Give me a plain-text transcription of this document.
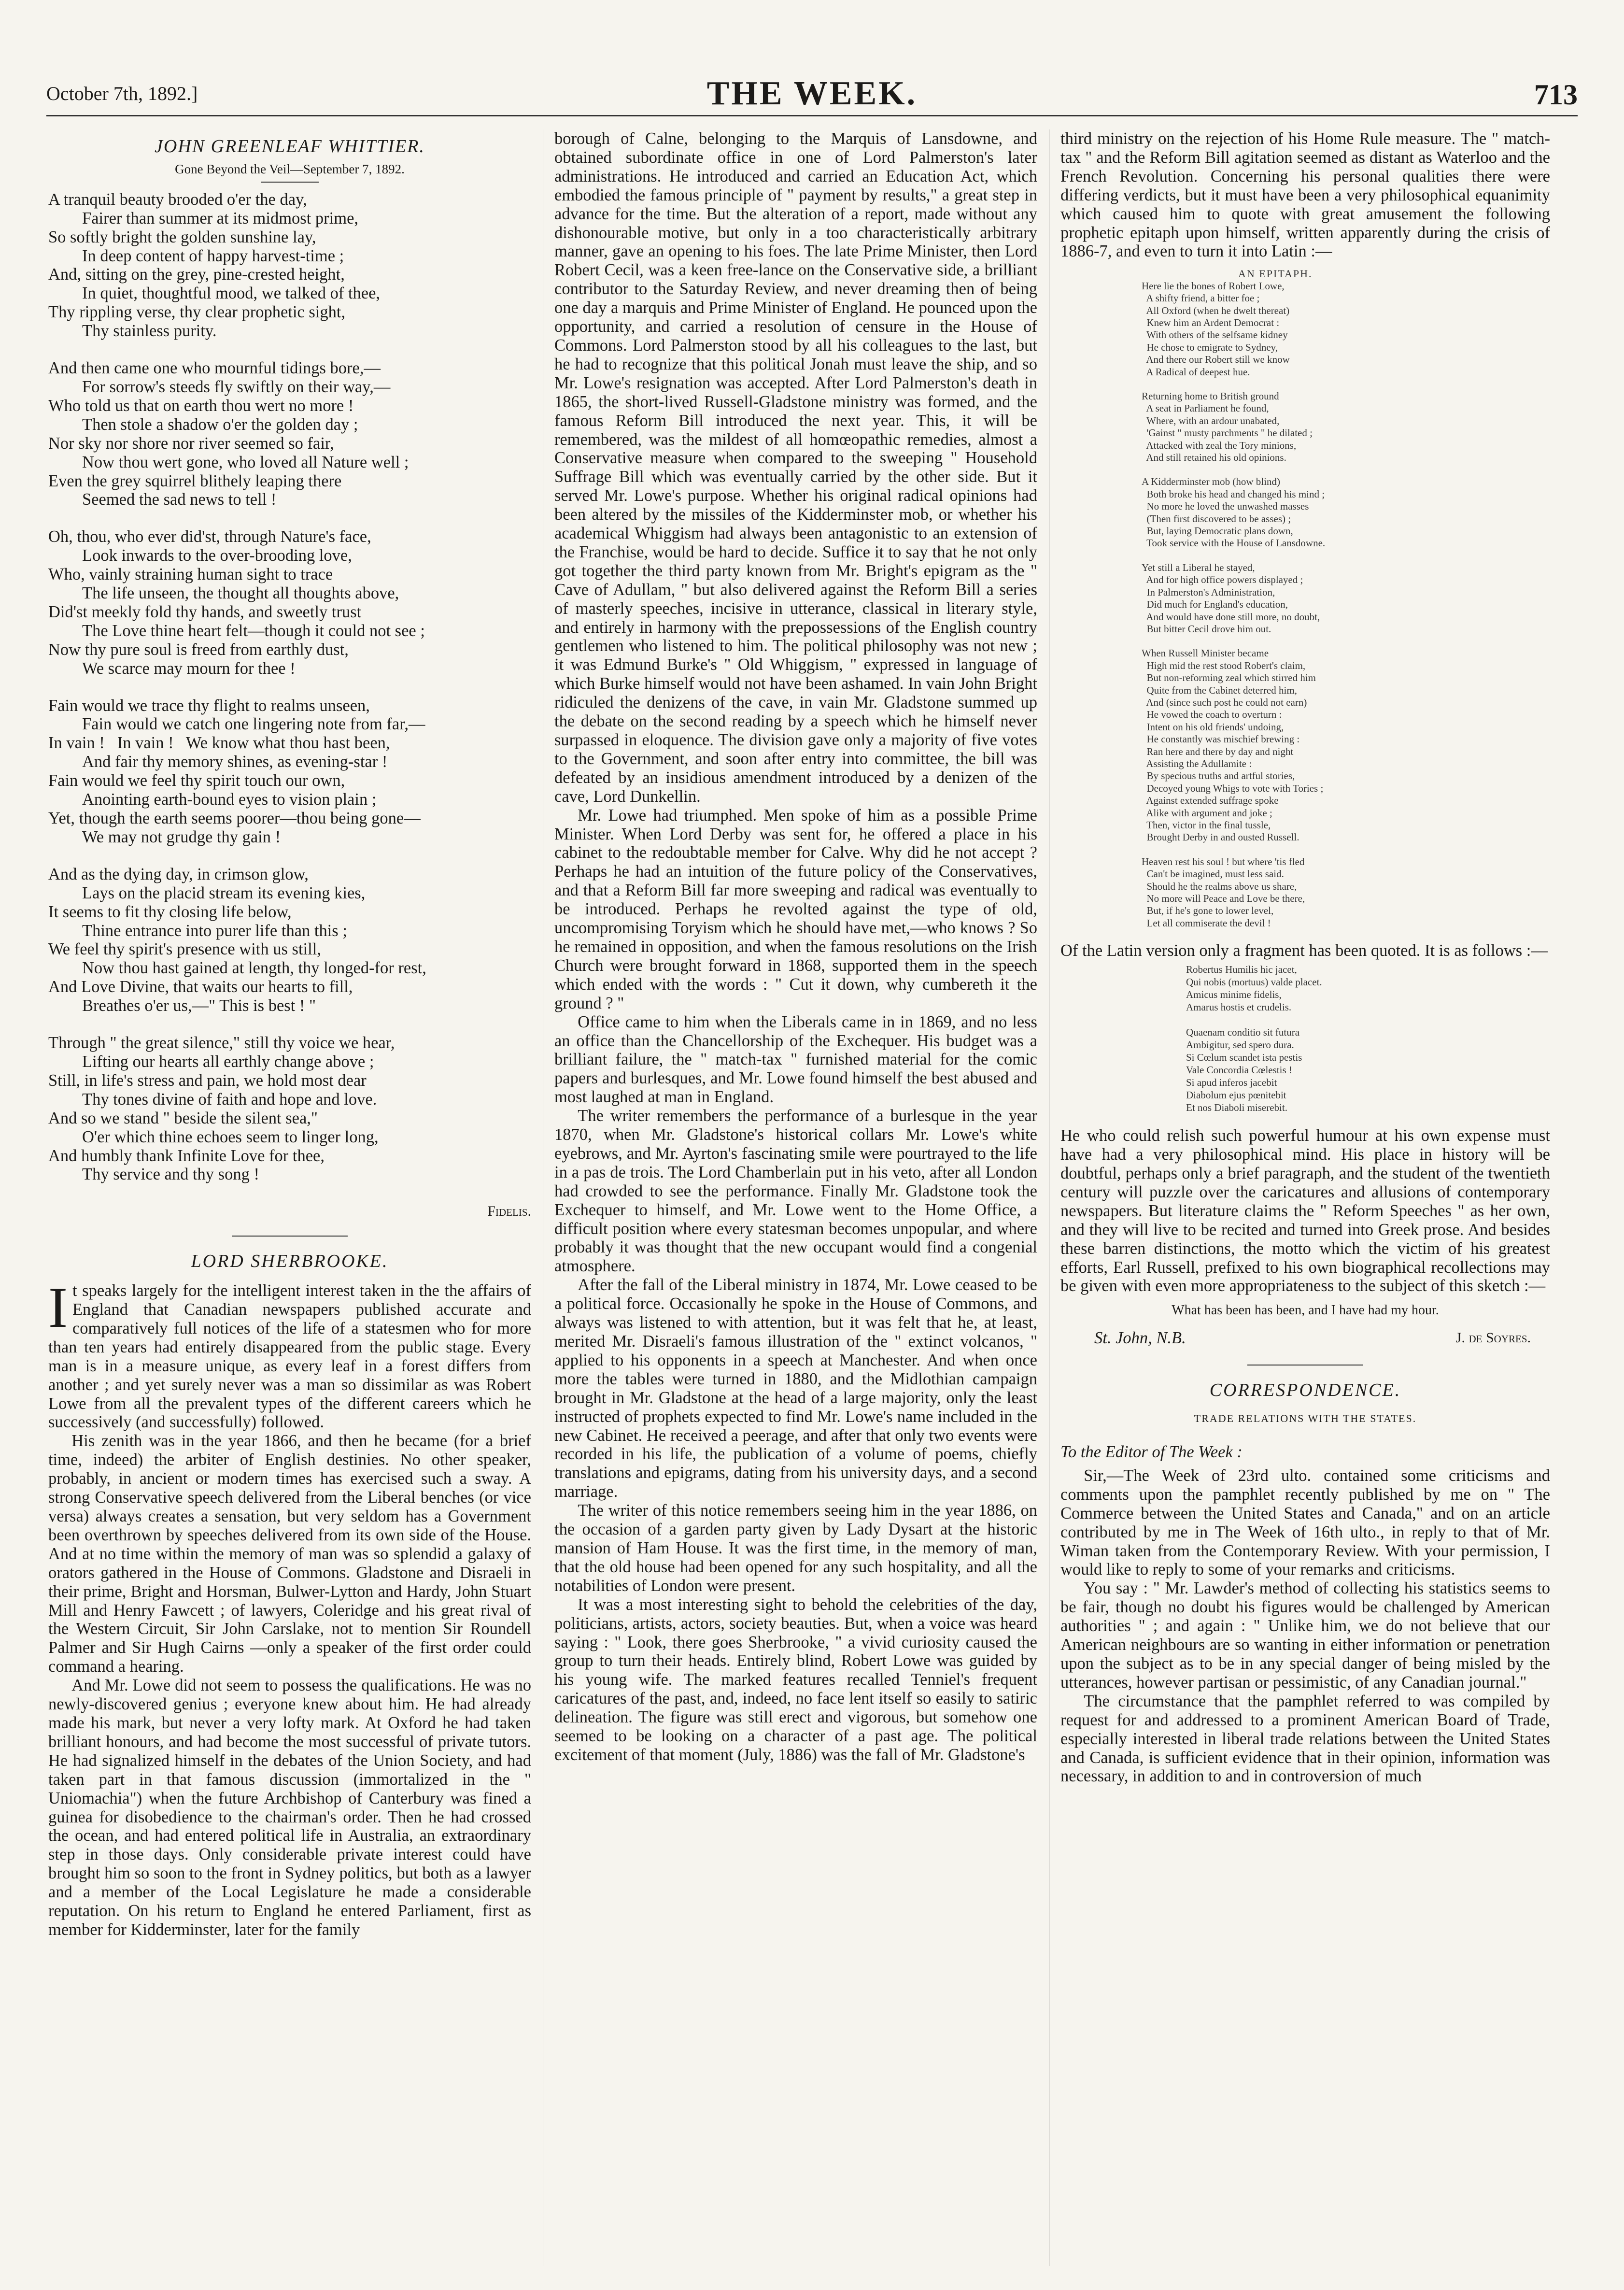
October 7th, 1892.]	THE WEEK.	713
JOHN GREENLEAF WHITTIER.
Gone Beyond the Veil—September 7, 1892.
A tranquil beauty brooded o'er the day,
Fairer than summer at its midmost prime,
So softly bright the golden sunshine lay,
In deep content of happy harvest-time ;
And, sitting on the grey, pine-crested height,
In quiet, thoughtful mood, we talked of thee,
Thy rippling verse, thy clear prophetic sight,
Thy stainless purity.
And then came one who mournful tidings bore,—
For sorrow's steeds fly swiftly on their way,—
Who told us that on earth thou wert no more !
Then stole a shadow o'er the golden day ;
Nor sky nor shore nor river seemed so fair,
Now thou wert gone, who loved all Nature well ;
Even the grey squirrel blithely leaping there
Seemed the sad news to tell !
Oh, thou, who ever did'st, through Nature's face,
Look inwards to the over-brooding love,
Who, vainly straining human sight to trace
The life unseen, the thought all thoughts above,
Did'st meekly fold thy hands, and sweetly trust
The Love thine heart felt—though it could not see ;
Now thy pure soul is freed from earthly dust,
We scarce may mourn for thee !
Fain would we trace thy flight to realms unseen,
Fain would we catch one lingering note from far,—
In vain !   In vain !   We know what thou hast been,
And fair thy memory shines, as evening-star !
Fain would we feel thy spirit touch our own,
Anointing earth-bound eyes to vision plain ;
Yet, though the earth seems poorer—thou being gone—
We may not grudge thy gain !
And as the dying day, in crimson glow,
Lays on the placid stream its evening kies,
It seems to fit thy closing life below,
Thine entrance into purer life than this ;
We feel thy spirit's presence with us still,
Now thou hast gained at length, thy longed-for rest,
And Love Divine, that waits our hearts to fill,
Breathes o'er us,—" This is best ! "
Through " the great silence," still thy voice we hear,
Lifting our hearts all earthly change above ;
Still, in life's stress and pain, we hold most dear
Thy tones divine of faith and hope and love.
And so we stand " beside the silent sea,"
O'er which thine echoes seem to linger long,
And humbly thank Infinite Love for thee,
Thy service and thy song !
Fidelis.
LORD SHERBROOKE.

It speaks largely for the intelligent interest taken in the the affairs of England that Canadian newspapers published accurate and comparatively full notices of the life of a statesmen who for more than ten years had entirely disappeared from the public stage. Every man is in a measure unique, as every leaf in a forest differs from another ; and yet surely never was a man so dissimilar as was Robert Lowe from all the prevalent types of the different careers which he successively (and successfully) followed.

His zenith was in the year 1866, and then he became (for a brief time, indeed) the arbiter of English destinies. No other speaker, probably, in ancient or modern times has exercised such a sway. A strong Conservative speech delivered from the Liberal benches (or vice versa) always creates a sensation, but very seldom has a Government been overthrown by speeches delivered from its own side of the House. And at no time within the memory of man was so splendid a galaxy of orators gathered in the House of Commons. Gladstone and Disraeli in their prime, Bright and Horsman, Bulwer-Lytton and Hardy, John Stuart Mill and Henry Fawcett ; of lawyers, Coleridge and his great rival of the Western Circuit, Sir John Carslake, not to mention Sir Roundell Palmer and Sir Hugh Cairns —only a speaker of the first order could command a hearing.

And Mr. Lowe did not seem to possess the qualifications. He was no newly-discovered genius ; everyone knew about him. He had already made his mark, but never a very lofty mark. At Oxford he had taken brilliant honours, and had become the most successful of private tutors. He had signalized himself in the debates of the Union Society, and had taken part in that famous discussion (immortalized in the " Uniomachia") when the future Archbishop of Canterbury was fined a guinea for disobedience to the chairman's order. Then he had crossed the ocean, and had entered political life in Australia, an extraordinary step in those days. Only considerable private interest could have brought him so soon to the front in Sydney politics, but both as a lawyer and a member of the Local Legislature he made a considerable reputation. On his return to England he entered Parliament, first as member for Kidderminster, later for the family

borough of Calne, belonging to the Marquis of Lansdowne, and obtained subordinate office in one of Lord Palmerston's later administrations. He introduced and carried an Education Act, which embodied the famous principle of " payment by results," a great step in advance for the time. But the alteration of a report, made without any dishonourable motive, but only in a too characteristically arbitrary manner, gave an opening to his foes. The late Prime Minister, then Lord Robert Cecil, was a keen free-lance on the Conservative side, a brilliant contributor to the Saturday Review, and never dreaming then of being one day a marquis and Prime Minister of England. He pounced upon the opportunity, and carried a resolution of censure in the House of Commons. Lord Palmerston stood by all his colleagues to the last, but he had to recognize that this political Jonah must leave the ship, and so Mr. Lowe's resignation was accepted. After Lord Palmerston's death in 1865, the short-lived Russell-Gladstone ministry was formed, and the famous Reform Bill introduced the next year. This, it will be remembered, was the mildest of all homœopathic remedies, almost a Conservative measure when compared to the sweeping " Household Suffrage Bill which was eventually carried by the other side. But it served Mr. Lowe's purpose. Whether his original radical opinions had been altered by the missiles of the Kidderminster mob, or whether his academical Whiggism had always been antagonistic to an extension of the Franchise, would be hard to decide. Suffice it to say that he not only got together the third party known from Mr. Bright's epigram as the " Cave of Adullam, " but also delivered against the Reform Bill a series of masterly speeches, incisive in utterance, classical in literary style, and entirely in harmony with the prepossessions of the English country gentlemen who listened to him. The political philosophy was not new ; it was Edmund Burke's " Old Whiggism, " expressed in language of which Burke himself would not have been ashamed. In vain John Bright ridiculed the denizens of the cave, in vain Mr. Gladstone summed up the debate on the second reading by a speech which he himself never surpassed in eloquence. The division gave only a majority of five votes to the Government, and soon after entry into committee, the bill was defeated by an insidious amendment introduced by a denizen of the cave, Lord Dunkellin.

Mr. Lowe had triumphed. Men spoke of him as a possible Prime Minister. When Lord Derby was sent for, he offered a place in his cabinet to the redoubtable member for Calve. Why did he not accept ? Perhaps he had an intuition of the future policy of the Conservatives, and that a Reform Bill far more sweeping and radical was eventually to be introduced. Perhaps he revolted against the type of old, uncompromising Toryism which he should have met,—who knows ? So he remained in opposition, and when the famous resolutions on the Irish Church were brought forward in 1868, supported them in the speech which ended with the words : " Cut it down, why cumbereth it the ground ? "

Office came to him when the Liberals came in in 1869, and no less an office than the Chancellorship of the Exchequer. His budget was a brilliant failure, the " match-tax " furnished material for the comic papers and burlesques, and Mr. Lowe found himself the best abused and most laughed at man in England.

The writer remembers the performance of a burlesque in the year 1870, when Mr. Gladstone's historical collars Mr. Lowe's white eyebrows, and Mr. Ayrton's fascinating smile were pourtrayed to the life in a pas de trois. The Lord Chamberlain put in his veto, after all London had crowded to see the performance. Finally Mr. Gladstone took the Exchequer to himself, and Mr. Lowe went to the Home Office, a difficult position where every statesman becomes unpopular, and where probably it was thought that the new occupant would find a congenial atmosphere.

After the fall of the Liberal ministry in 1874, Mr. Lowe ceased to be a political force. Occasionally he spoke in the House of Commons, and always was listened to with attention, but it was felt that he, at least, merited Mr. Disraeli's famous illustration of the " extinct volcanos, " applied to his opponents in a speech at Manchester. And when once more the tables were turned in 1880, and the Midlothian campaign brought in Mr. Gladstone at the head of a large majority, only the least instructed of prophets expected to find Mr. Lowe's name included in the new Cabinet. He received a peerage, and after that only two events were recorded in his life, the publication of a volume of poems, chiefly translations and epigrams, dating from his university days, and a second marriage.

The writer of this notice remembers seeing him in the year 1886, on the occasion of a garden party given by Lady Dysart at the historic mansion of Ham House. It was the first time, in the memory of man, that the old house had been opened for any such hospitality, and all the notabilities of London were present.

It was a most interesting sight to behold the celebrities of the day, politicians, artists, actors, society beauties. But, when a voice was heard saying : " Look, there goes Sherbrooke, " a vivid curiosity caused the group to turn their heads. Entirely blind, Robert Lowe was guided by his young wife. The marked features recalled Tenniel's frequent caricatures of the past, and, indeed, no face lent itself so easily to satiric delineation. The figure was still erect and vigorous, but somehow one seemed to be looking on a character of a past age. The political excitement of that moment (July, 1886) was the fall of Mr. Gladstone's

third ministry on the rejection of his Home Rule measure. The " match-tax " and the Reform Bill agitation seemed as distant as Waterloo and the French Revolution. Concerning his personal qualities there were differing verdicts, but it must have been a very philosophical equanimity which caused him to quote with great amusement the following prophetic epitaph upon himself, written apparently during the crisis of 1886-7, and even to turn it into Latin :—

AN EPITAPH.
Here lie the bones of Robert Lowe,
A shifty friend, a bitter foe ;
All Oxford (when he dwelt thereat)
Knew him an Ardent Democrat :
With others of the selfsame kidney
He chose to emigrate to Sydney,
And there our Robert still we know
A Radical of deepest hue.
Returning home to British ground
A seat in Parliament he found,
Where, with an ardour unabated,
'Gainst " musty parchments " he dilated ;
Attacked with zeal the Tory minions,
And still retained his old opinions.
A Kidderminster mob (how blind)
Both broke his head and changed his mind ;
No more he loved the unwashed masses
(Then first discovered to be asses) ;
But, laying Democratic plans down,
Took service with the House of Lansdowne.
Yet still a Liberal he stayed,
And for high office powers displayed ;
In Palmerston's Administration,
Did much for England's education,
And would have done still more, no doubt,
But bitter Cecil drove him out.
When Russell Minister became
High mid the rest stood Robert's claim,
But non-reforming zeal which stirred him
Quite from the Cabinet deterred him,
And (since such post he could not earn)
He vowed the coach to overturn :
Intent on his old friends' undoing,
He constantly was mischief brewing :
Ran here and there by day and night
Assisting the Adullamite :
By specious truths and artful stories,
Decoyed young Whigs to vote with Tories ;
Against extended suffrage spoke
Alike with argument and joke ;
Then, victor in the final tussle,
Brought Derby in and ousted Russell.
Heaven rest his soul ! but where 'tis fled
Can't be imagined, must less said.
Should he the realms above us share,
No more will Peace and Love be there,
But, if he's gone to lower level,
Let all commiserate the devil !

Of the Latin version only a fragment has been quoted. It is as follows :—

Robertus Humilis hic jacet,
Qui nobis (mortuus) valde placet.
Amicus minime fidelis,
Amarus hostis et crudelis.
Quaenam conditio sit futura
Ambigitur, sed spero dura.
Si Cœlum scandet ista pestis
Vale Concordia Cœlestis !
Si apud inferos jacebit
Diabolum ejus pœnitebit
Et nos Diaboli miserebit.

He who could relish such powerful humour at his own expense must have had a very philosophical mind. His place in history will be doubtful, perhaps only a brief paragraph, and the student of the twentieth century will puzzle over the caricatures and allusions of contemporary newspapers. But literature claims the " Reform Speeches " as her own, and they will live to be recited and turned into Greek prose. And besides these barren distinctions, the motto which the victim of his greatest efforts, Earl Russell, prefixed to his own biographical recollections may be given with even more appropriateness to the subject of this sketch :—

What has been has been, and I have had my hour.
St. John, N.B.	J. de Soyres.
CORRESPONDENCE.
TRADE RELATIONS WITH THE STATES.
To the Editor of The Week :

Sir,—The Week of 23rd ulto. contained some criticisms and comments upon the pamphlet recently published by me on " The Commerce between the United States and Canada," and on an article contributed by me in The Week of 16th ulto., in reply to that of Mr. Wiman taken from the Contemporary Review. With your permission, I would like to reply to some of your remarks and criticisms.

You say : " Mr. Lawder's method of collecting his statistics seems to be fair, though no doubt his figures would be challenged by American authorities " ; and again : " Unlike him, we do not believe that our American neighbours are so wanting in either information or penetration upon the subject as to be in any special danger of being misled by the utterances, however partisan or pessimistic, of any Canadian journal."

The circumstance that the pamphlet referred to was compiled by request for and addressed to a prominent American Board of Trade, especially interested in liberal trade relations between the United States and Canada, is sufficient evidence that in their opinion, information was necessary, in addition to and in controversion of much
